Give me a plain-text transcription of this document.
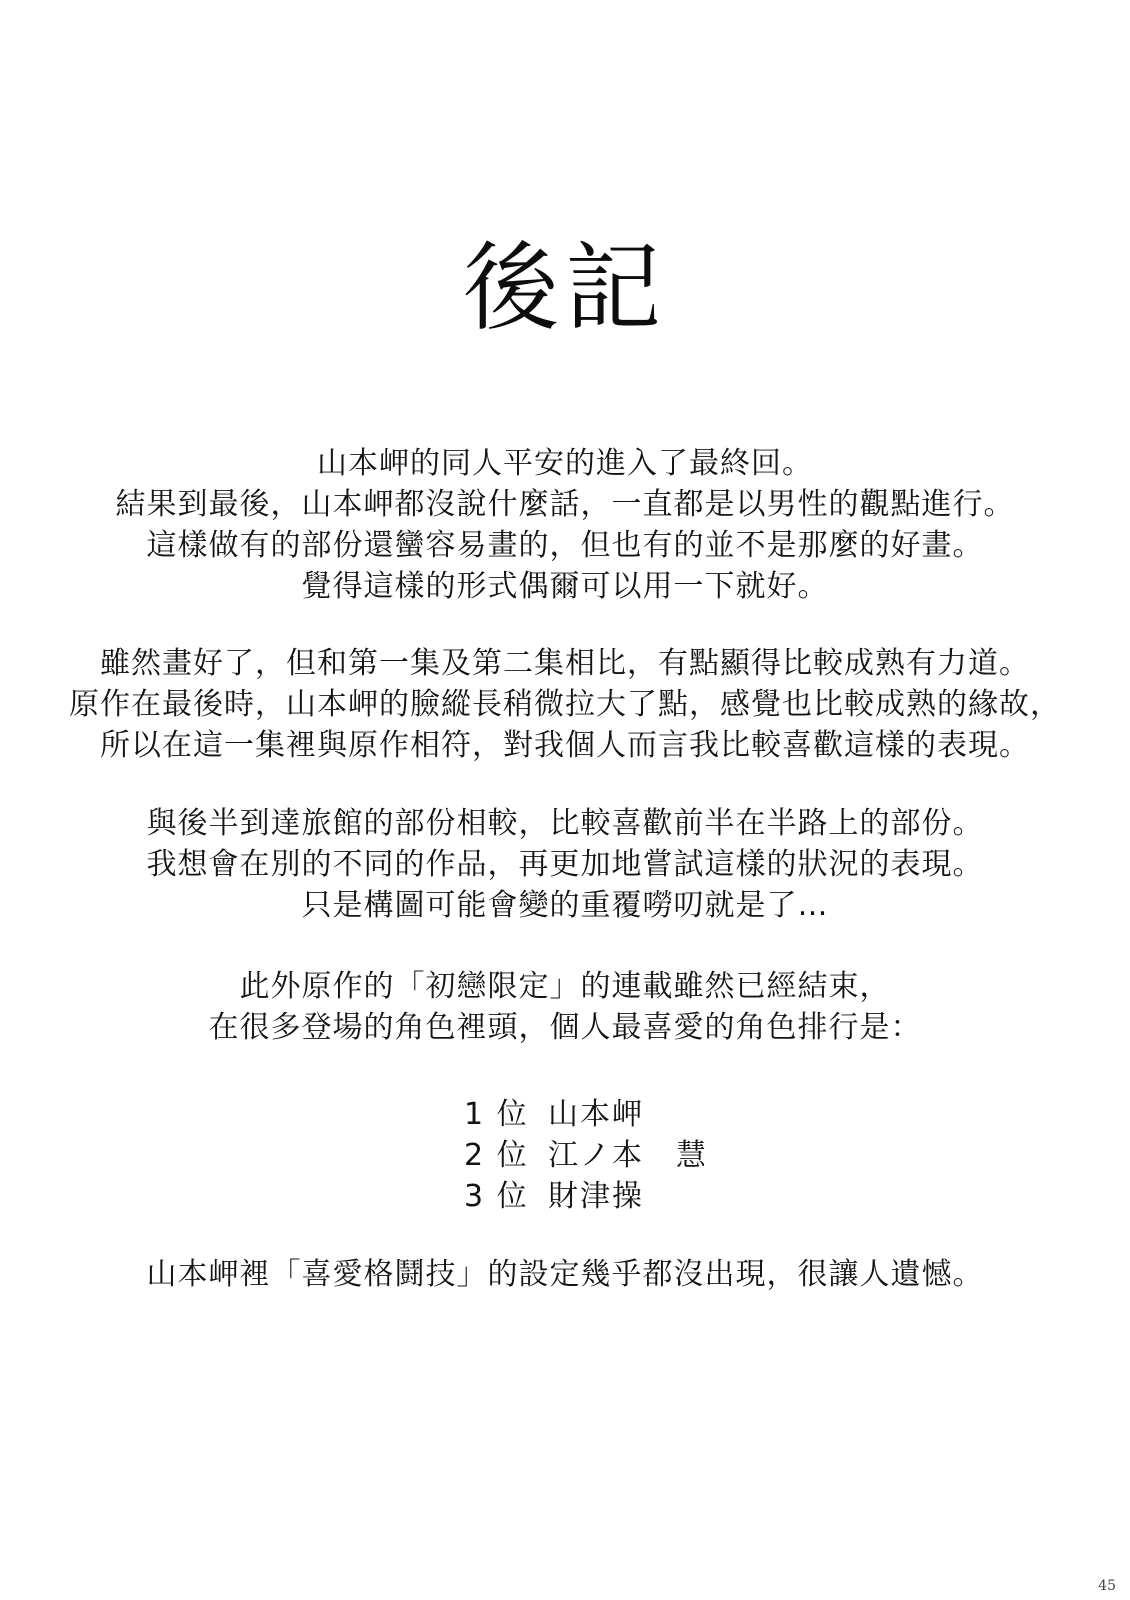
後記
山本岬的同人平安的進入了最終回。
結果到最後，山本岬都沒說什麼話，一直都是以男性的觀點進行。
這樣做有的部份還蠻容易畫的，但也有的並不是那麼的好畫。
覺得這樣的形式偶爾可以用一下就好。
雖然畫好了，但和第一集及第二集相比，有點顯得比較成熟有力道。
原作在最後時，山本岬的臉縱長稍微拉大了點，感覺也比較成熟的緣故，
所以在這一集裡與原作相符，對我個人而言我比較喜歡這樣的表現。
與後半到達旅館的部份相較，比較喜歡前半在半路上的部份。
我想會在別的不同的作品，再更加地嘗試這樣的狀況的表現。
只是構圖可能會變的重覆嘮叨就是了…
此外原作的「初戀限定」的連載雖然已經結束，
在很多登場的角色裡頭，個人最喜愛的角色排行是：
1 位 山本岬
2 位 江ノ本　慧
3 位 財津操
山本岬裡「喜愛格鬪技」的設定幾乎都沒出現，很讓人遺憾。
45
